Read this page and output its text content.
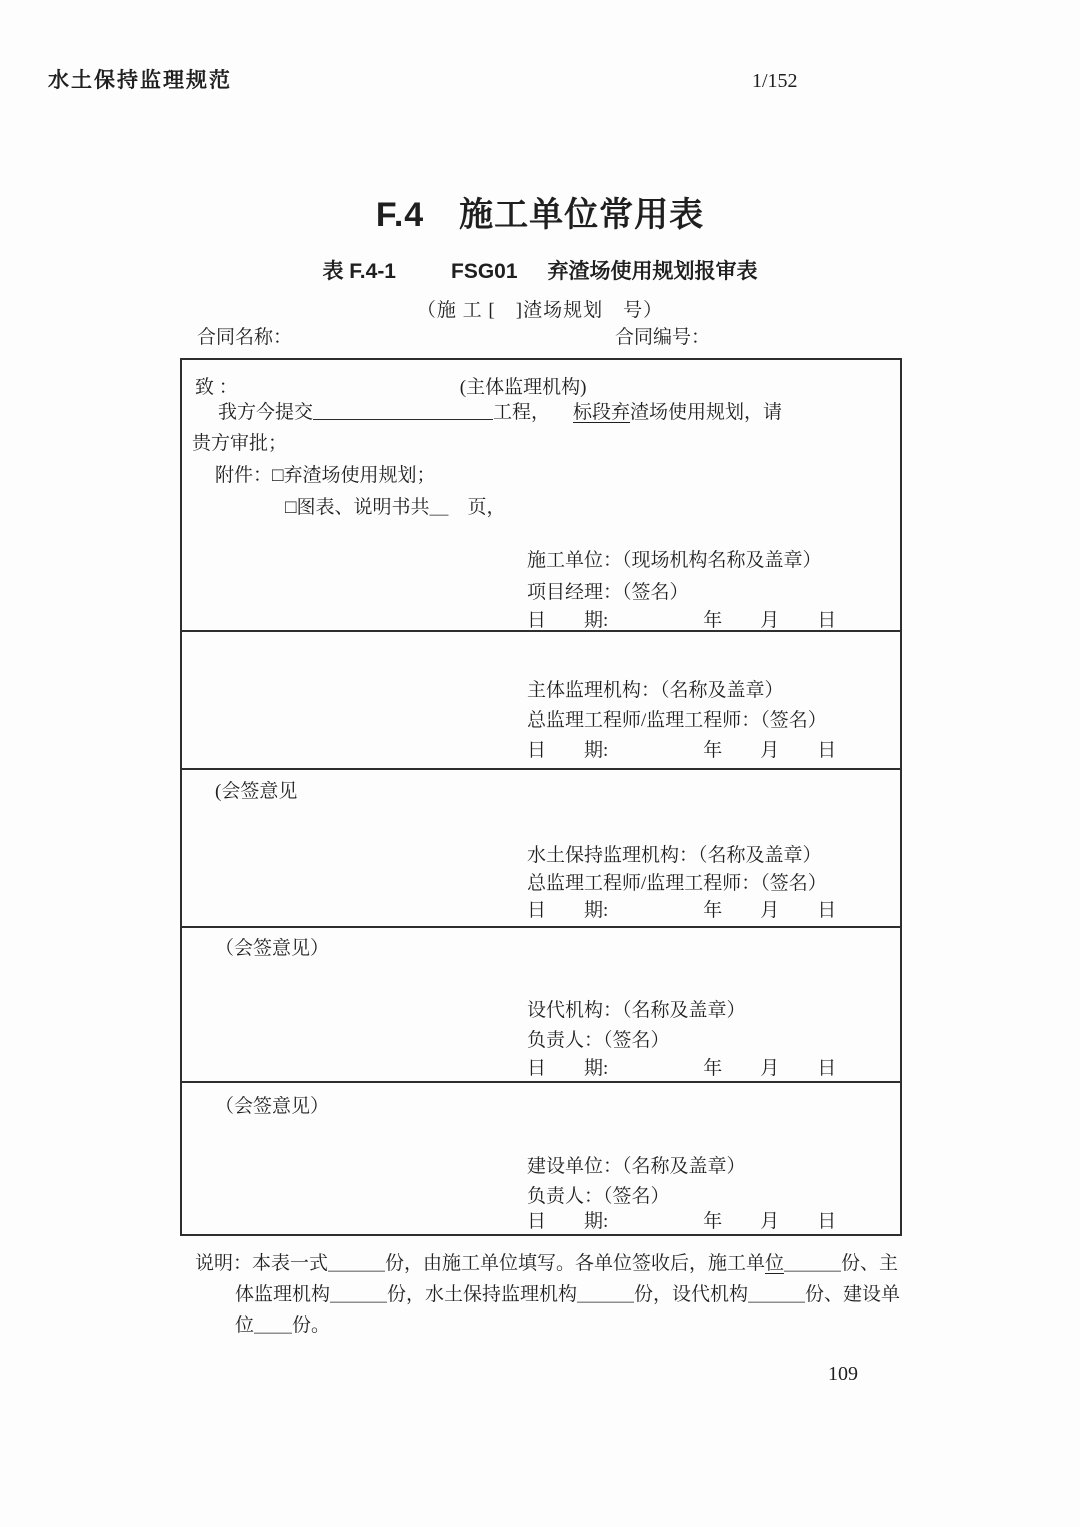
水土保持监理规范	1/152
F.4　施工单位常用表
表 F.4-1	FSG01 弃渣场使用规划报审表
（施 工 [　]渣场规划　号）
合同名称：	合同编号：
致 ：	(主体监理机构)
我方今提交	工程， 标段弃 渣场使用规划，请
贵方审批；
附件： □ 弃渣场使用规划；
□ 图表、说明书共＿　页，
施工单位：（现场机构名称及盖章）
项目经理：（签名）
日　　期:　　　　　年　　月　　日
主体监理机构：（名称及盖章）
总监理工程师/监理工程师：（签名）
日　　期:　　　　　年　　月　　日
(会签意见
水土保持监理机构：（名称及盖章）
总监理工程师/监理工程师：（签名）
日　　期:　　　　　年　　月　　日
（会签意见）
设代机构：（名称及盖章）
负责人：（签名）
日　　期:　　　　　年　　月　　日
（会签意见）
建设单位：（名称及盖章）
负责人：（签名）
日　　期:　　　　　年　　月　　日
说明：本表一式＿＿＿份，由施工单位填写。各单位签收后，施工单 位 ＿＿＿份、主
体监理机构＿＿＿份，水土保持监理机构＿＿＿份，设代机构＿＿＿份、建设单
位＿＿份。
109
